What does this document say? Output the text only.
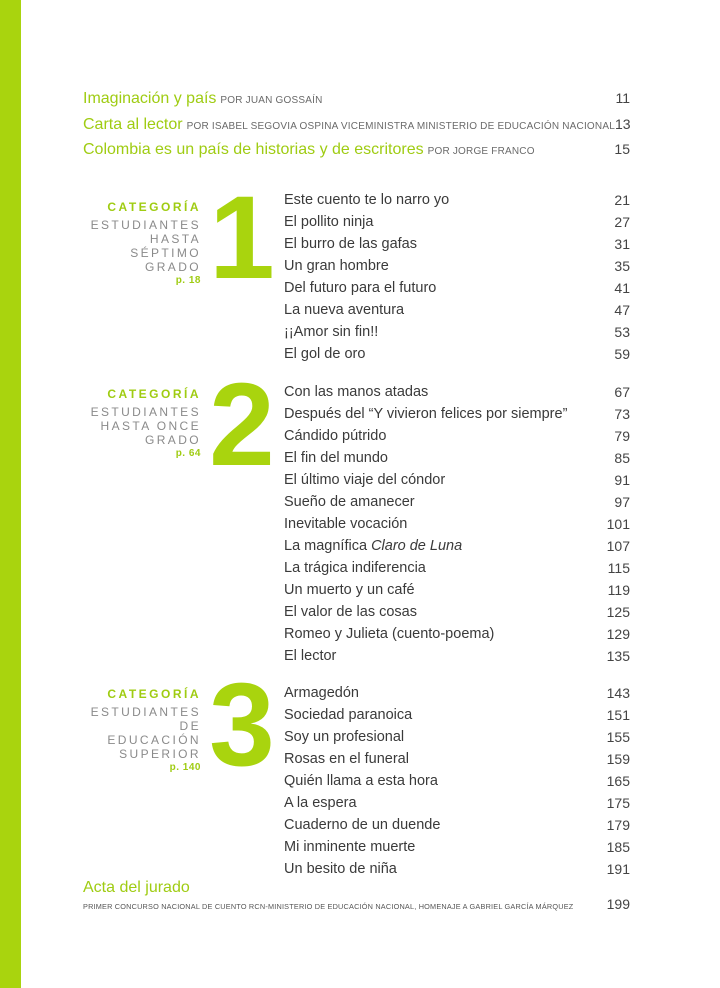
Imaginación y país POR JUAN GOSSAÍN	11
Carta al lector POR ISABEL SEGOVIA OSPINA VICEMINISTRA MINISTERIO DE EDUCACIÓN NACIONAL 13
Colombia es un país de historias y de escritores POR JORGE FRANCO	15
CATEGORÍA
ESTUDIANTES
HASTA SÉPTIMO
GRADO
p. 18 1 Este cuento te lo narro yo	21
El pollito ninja	27
El burro de las gafas	31
Un gran hombre	35
Del futuro para el futuro	41
La nueva aventura	47
¡¡Amor sin fin!!	53
El gol de oro	59
CATEGORÍA
ESTUDIANTES
HASTA ONCE
GRADO
p. 64 2 Con las manos atadas	67
Después del “Y vivieron felices por siempre”	73
Cándido pútrido	79
El fin del mundo	85
El último viaje del cóndor	91
Sueño de amanecer	97
Inevitable vocación	101
La magnífica Claro de Luna	107
La trágica indiferencia	115
Un muerto y un café	119
El valor de las cosas	125
Romeo y Julieta (cuento-poema)	129
El lector	135
CATEGORÍA
ESTUDIANTES
DE EDUCACIÓN
SUPERIOR
p. 140 3 Armagedón	143
Sociedad paranoica	151
Soy un profesional	155
Rosas en el funeral	159
Quién llama a esta hora	165
A la espera	175
Cuaderno de un duende	179
Mi inminente muerte	185
Un besito de niña	191
Acta del jurado
PRIMER CONCURSO NACIONAL DE CUENTO RCN-MINISTERIO DE EDUCACIÓN NACIONAL, HOMENAJE A GABRIEL GARCÍA MÁRQUEZ 199
